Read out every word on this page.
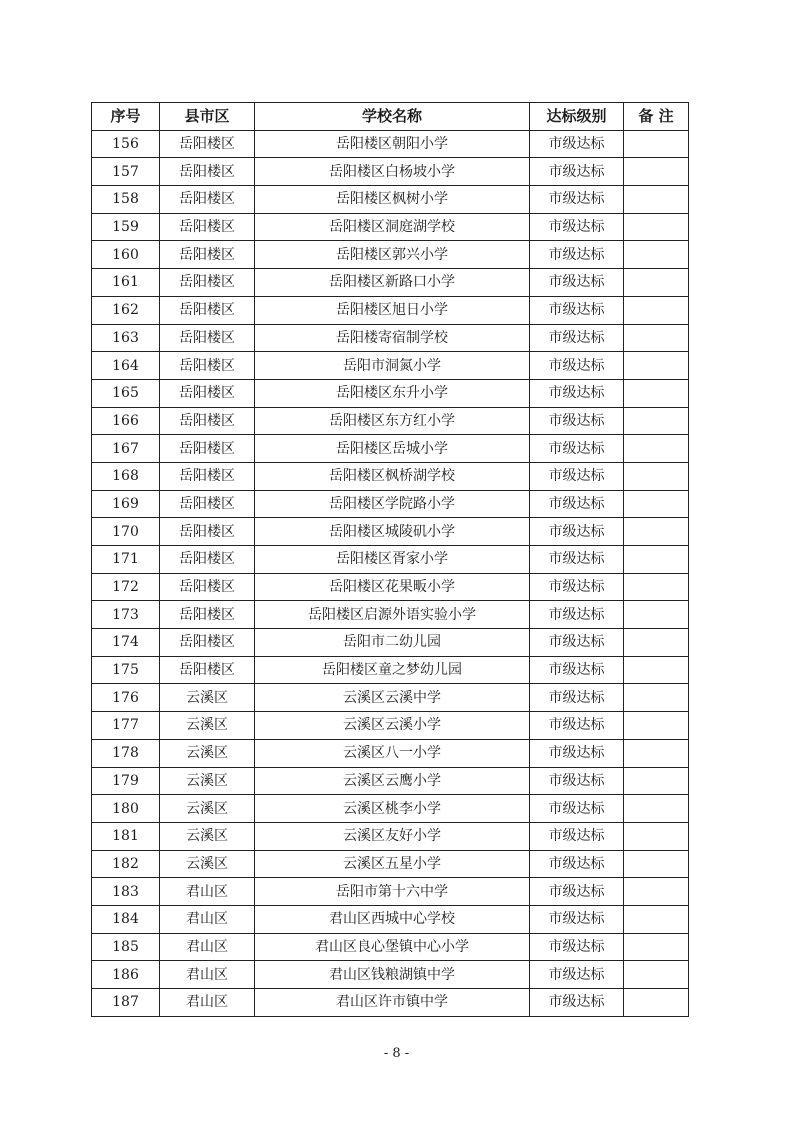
序号	县市区	学校名称	达标级别	备 注
156	岳阳楼区	岳阳楼区朝阳小学	市级达标	
157	岳阳楼区	岳阳楼区白杨坡小学	市级达标	
158	岳阳楼区	岳阳楼区枫树小学	市级达标	
159	岳阳楼区	岳阳楼区洞庭湖学校	市级达标	
160	岳阳楼区	岳阳楼区郭兴小学	市级达标	
161	岳阳楼区	岳阳楼区新路口小学	市级达标	
162	岳阳楼区	岳阳楼区旭日小学	市级达标	
163	岳阳楼区	岳阳楼寄宿制学校	市级达标	
164	岳阳楼区	岳阳市洞氮小学	市级达标	
165	岳阳楼区	岳阳楼区东升小学	市级达标	
166	岳阳楼区	岳阳楼区东方红小学	市级达标	
167	岳阳楼区	岳阳楼区岳城小学	市级达标	
168	岳阳楼区	岳阳楼区枫桥湖学校	市级达标	
169	岳阳楼区	岳阳楼区学院路小学	市级达标	
170	岳阳楼区	岳阳楼区城陵矶小学	市级达标	
171	岳阳楼区	岳阳楼区胥家小学	市级达标	
172	岳阳楼区	岳阳楼区花果畈小学	市级达标	
173	岳阳楼区	岳阳楼区启源外语实验小学	市级达标	
174	岳阳楼区	岳阳市二幼儿园	市级达标	
175	岳阳楼区	岳阳楼区童之梦幼儿园	市级达标	
176	云溪区	云溪区云溪中学	市级达标	
177	云溪区	云溪区云溪小学	市级达标	
178	云溪区	云溪区八一小学	市级达标	
179	云溪区	云溪区云鹰小学	市级达标	
180	云溪区	云溪区桃李小学	市级达标	
181	云溪区	云溪区友好小学	市级达标	
182	云溪区	云溪区五星小学	市级达标	
183	君山区	岳阳市第十六中学	市级达标	
184	君山区	君山区西城中心学校	市级达标	
185	君山区	君山区良心堡镇中心小学	市级达标	
186	君山区	君山区钱粮湖镇中学	市级达标	
187	君山区	君山区许市镇中学	市级达标	
- 8 -
